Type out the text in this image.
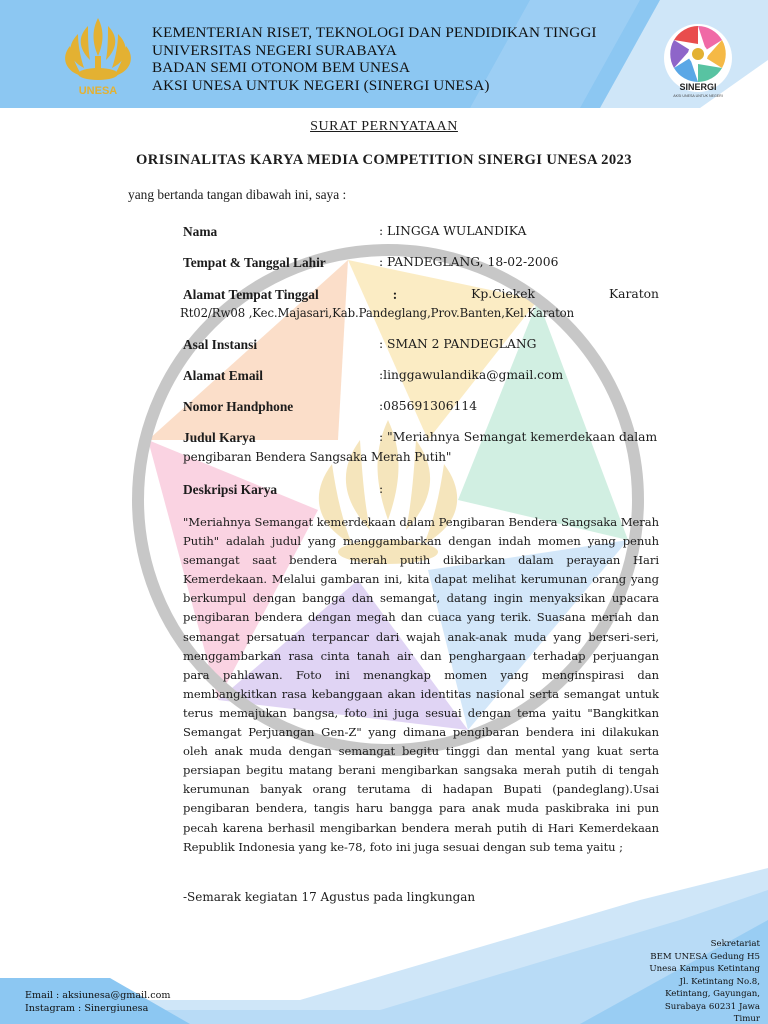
UNESA
KEMENTERIAN RISET, TEKNOLOGI DAN PENDIDIKAN TINGGI
UNIVERSITAS NEGERI SURABAYA
BADAN SEMI OTONOM BEM UNESA
AKSI UNESA UNTUK NEGERI (SINERGI UNESA)	SINERGI
AKSI UNESA UNTUK NEGERI
SURAT PERNYATAAN
ORISINALITAS KARYA MEDIA COMPETITION SINERGI UNESA 2023
yang bertanda tangan dibawah ini, saya :
Nama	: LINGGA WULANDIKA
Tempat & Tanggal Lahir	: PANDEGLANG, 18-02-2006
Alamat Tempat Tinggal	:	Kp.Ciekek	Karaton
Rt02/Rw08 ,Kec.Majasari,Kab.Pandeglang,Prov.Banten,Kel.Karaton
Asal Instansi	: SMAN 2 PANDEGLANG
Alamat Email	:linggawulandika@gmail.com
Nomor Handphone	:085691306114
Judul Karya	: "Meriahnya Semangat kemerdekaan dalam
pengibaran Bendera Sangsaka Merah Putih"
Deskripsi Karya	:
"Meriahnya Semangat kemerdekaan dalam Pengibaran Bendera Sangsaka Merah Putih" adalah judul yang menggambarkan dengan indah momen yang penuh semangat saat bendera merah putih dikibarkan dalam perayaan Hari Kemerdekaan. Melalui gambaran ini, kita dapat melihat kerumunan orang yang berkumpul dengan bangga dan semangat, datang ingin menyaksikan upacara pengibaran bendera dengan megah dan cuaca yang terik. Suasana meriah dan semangat persatuan terpancar dari wajah anak-anak muda yang berseri-seri, menggambarkan rasa cinta tanah air dan penghargaan terhadap perjuangan para pahlawan. Foto ini menangkap momen yang menginspirasi dan membangkitkan rasa kebanggaan akan identitas nasional serta semangat untuk terus memajukan bangsa, foto ini juga sesuai dengan tema yaitu "Bangkitkan Semangat Perjuangan Gen-Z" yang dimana pengibaran bendera ini dilakukan oleh anak muda dengan semangat begitu tinggi dan mental yang kuat serta persiapan begitu matang berani mengibarkan sangsaka merah putih di tengah kerumunan banyak orang terutama di hadapan Bupati (pandeglang).Usai pengibaran bendera, tangis haru bangga para anak muda paskibraka ini pun pecah karena berhasil mengibarkan bendera merah putih di Hari Kemerdekaan Republik Indonesia yang ke-78, foto ini juga sesuai dengan sub tema yaitu ;
-Semarak kegiatan 17 Agustus pada lingkungan
Email : aksiunesa@gmail.com
Instagram : Sinergiunesa
Sekretariat
BEM UNESA Gedung H5
Unesa Kampus Ketintang
Jl. Ketintang No.8,
Ketintang, Gayungan,
Surabaya 60231 Jawa
Timur
